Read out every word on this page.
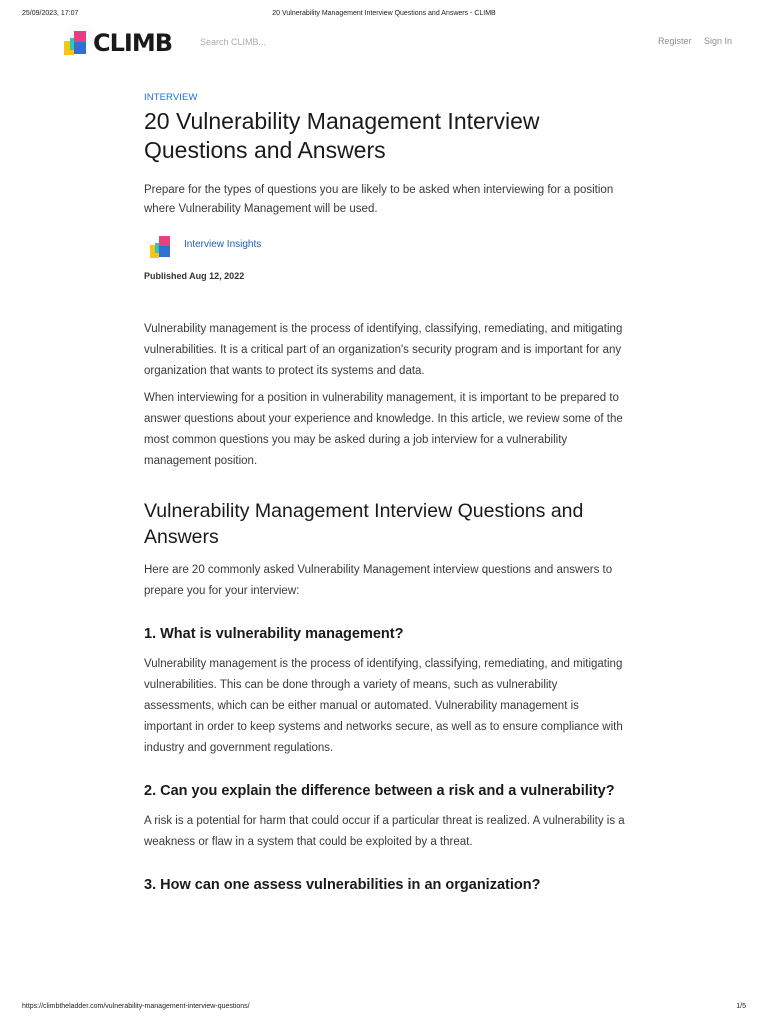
25/09/2023, 17:07	20 Vulnerability Management Interview Questions and Answers - CLIMB
CLIMB
Search CLIMB...	Register Sign In

INTERVIEW

20 Vulnerability Management Interview Questions and Answers

Prepare for the types of questions you are likely to be asked when interviewing for a position where Vulnerability Management will be used.

Interview Insights
Published Aug 12, 2022

Vulnerability management is the process of identifying, classifying, remediating, and mitigating vulnerabilities. It is a critical part of an organization's security program and is important for any organization that wants to protect its systems and data.

When interviewing for a position in vulnerability management, it is important to be prepared to answer questions about your experience and knowledge. In this article, we review some of the most common questions you may be asked during a job interview for a vulnerability management position.

Vulnerability Management Interview Questions and Answers

Here are 20 commonly asked Vulnerability Management interview questions and answers to prepare you for your interview:

1. What is vulnerability management?

Vulnerability management is the process of identifying, classifying, remediating, and mitigating vulnerabilities. This can be done through a variety of means, such as vulnerability assessments, which can be either manual or automated. Vulnerability management is important in order to keep systems and networks secure, as well as to ensure compliance with industry and government regulations.

2. Can you explain the difference between a risk and a vulnerability?

A risk is a potential for harm that could occur if a particular threat is realized. A vulnerability is a weakness or flaw in a system that could be exploited by a threat.

3. How can one assess vulnerabilities in an organization?
https://climbtheladder.com/vulnerability-management-interview-questions/	1/5
